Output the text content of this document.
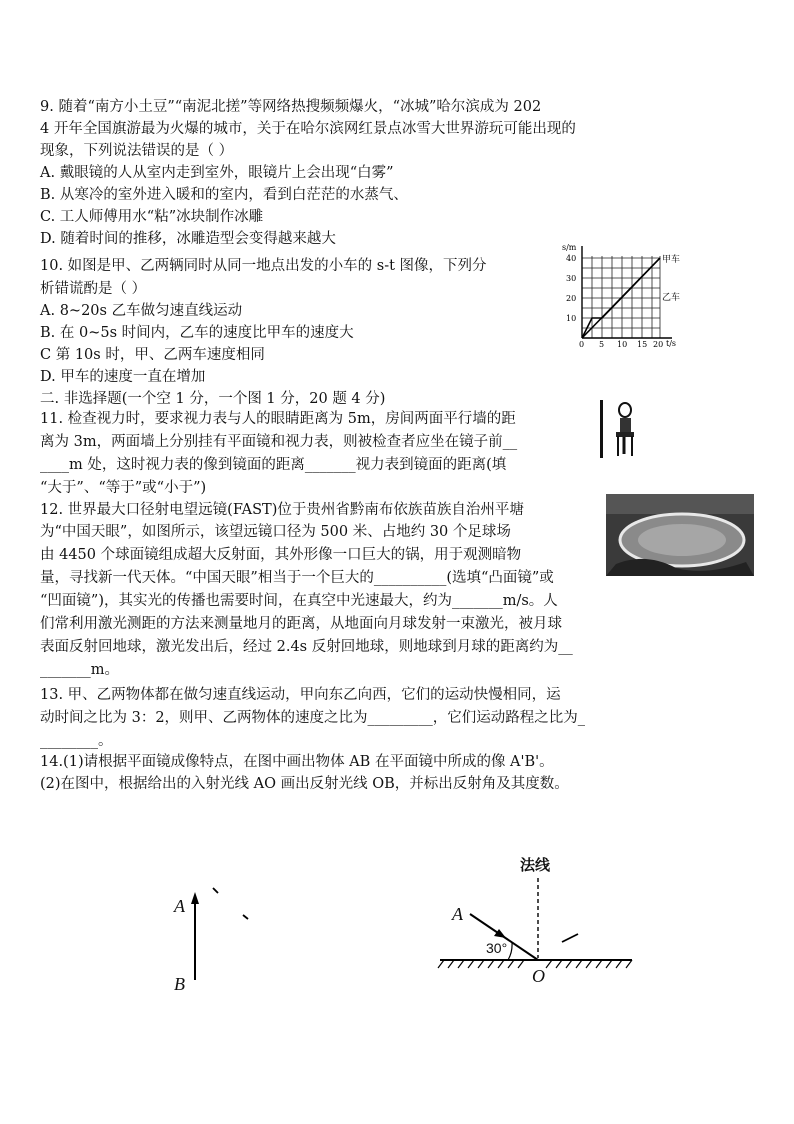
9. 随着“南方小土豆”“南泥北搓”等网络热搜频频爆火，“冰城”哈尔滨成为 202
4 开年全国旗游最为火爆的城市，关于在哈尔滨网红景点冰雪大世界游玩可能出现的
现象，下列说法错误的是（ ）
A. 戴眼镜的人从室内走到室外，眼镜片上会出现“白雾”
B. 从寒冷的室外进入暖和的室内，看到白茫茫的水蒸气、
C. 工人师傅用水“粘”冰块制作冰雕
D. 随着时间的推移，冰雕造型会变得越来越大
10. 如图是甲、乙两辆同时从同一地点出发的小车的 s-t 图像，下列分
析错谎酌是（ ）
A. 8~20s 乙车做匀速直线运动
B. 在 0~5s 时间内，乙车的速度比甲车的速度大
C 第 10s 时，甲、乙两车速度相同
D. 甲车的速度一直在增加
s/m
t/s
甲车
乙车
40
30
20
10
0 5 10 15 20
二. 非选择题(一个空 1 分，一个图 1 分，20 题 4 分)
11. 检查视力时，要求视力表与人的眼睛距离为 5m，房间两面平行墙的距
离为 3m，两面墙上分别挂有平面镜和视力表，则被检查者应坐在镜子前__
____m 处，这时视力表的像到镜面的距离_______视力表到镜面的距离(填
“大于”、“等于”或“小于”)
12. 世界最大口径射电望远镜(FAST)位于贵州省黔南布依族苗族自治州平塘
为“中国天眼”，如图所示，该望远镜口径为 500 米、占地约 30 个足球场
由 4450 个球面镜组成超大反射面，其外形像一口巨大的锅，用于观测暗物
量，寻找新一代天体。“中国天眼”相当于一个巨大的__________(选填“凸面镜”或
“凹面镜”)，其实光的传播也需要时间，在真空中光速最大，约为_______m/s。人
们常利用激光测距的方法来测量地月的距离，从地面向月球发射一束激光，被月球
表面反射回地球，激光发出后，经过 2.4s 反射回地球，则地球到月球的距离约为__
_______m。
13. 甲、乙两物体都在做匀速直线运动，甲向东乙向西，它们的运动快慢相同，运
动时间之比为 3：2，则甲、乙两物体的速度之比为_________，它们运动路程之比为_
________。
14.(1)请根据平面镜成像特点，在图中画出物体 AB 在平面镜中所成的像 A'B'。
(2)在图中，根据给出的入射光线 AO 画出反射光线 OB，并标出反射角及其度数。
A
B
法线
A
30°
O
